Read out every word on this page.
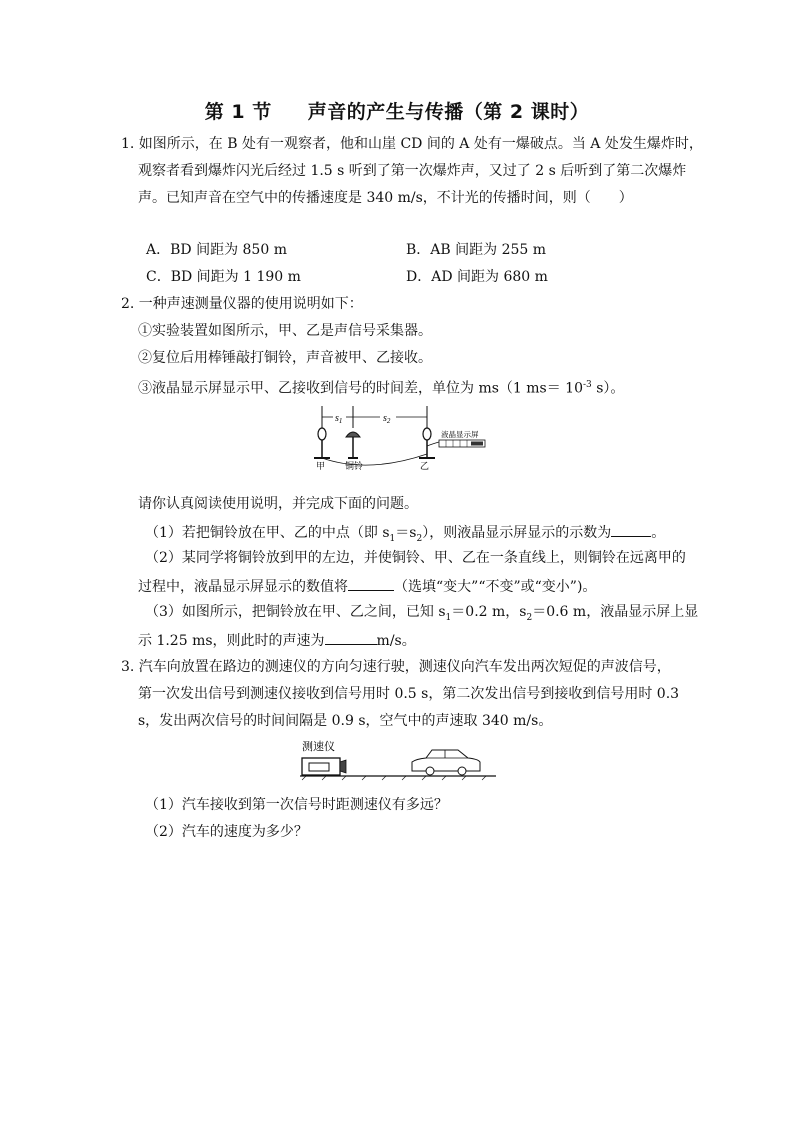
第 1 节 声音的产生与传播（第 2 课时）
1. 如图所示，在 B 处有一观察者，他和山崖 CD 间的 A 处有一爆破点。当 A 处发生爆炸时，
观察者看到爆炸闪光后经过 1.5 s 听到了第一次爆炸声，又过了 2 s 后听到了第二次爆炸
声。已知声音在空气中的传播速度是 340 m/s，不计光的传播时间，则（　　）
A．BD 间距为 850 m	B．AB 间距为 255 m
C．BD 间距为 1 190 m	D．AD 间距为 680 m
2. 一种声速测量仪器的使用说明如下：
①实验装置如图所示，甲、乙是声信号采集器。
②复位后用棒锤敲打铜铃，声音被甲、乙接收。
③液晶显示屏显示甲、乙接收到信号的时间差，单位为 ms（1 $ms= 10^{-3}$ s）。
$s_1$	$s_2$
液晶显示屏
甲 铜铃	乙
请你认真阅读使用说明，并完成下面的问题。
（1）若把铜铃放在甲、乙的中点（即 $s_1=s_2$），则液晶显示屏显示的示数为	。
（2）某同学将铜铃放到甲的左边，并使铜铃、甲、乙在一条直线上，则铜铃在远离甲的
过程中，液晶显示屏显示的数值将	（选填“变大”“不变”或“变小”)。
（3）如图所示，把铜铃放在甲、乙之间，已知 $s_1=0.2$ m，$s_2=0.6$ m，液晶显示屏上显
示 1.25 ms，则此时的声速为	m/s。
3. 汽车向放置在路边的测速仪的方向匀速行驶，测速仪向汽车发出两次短促的声波信号，
第一次发出信号到测速仪接收到信号用时 0.5 s，第二次发出信号到接收到信号用时 0.3
s，发出两次信号的时间间隔是 0.9 s，空气中的声速取 340 m/s。
测速仪
（1）汽车接收到第一次信号时距测速仪有多远？
（2）汽车的速度为多少？
